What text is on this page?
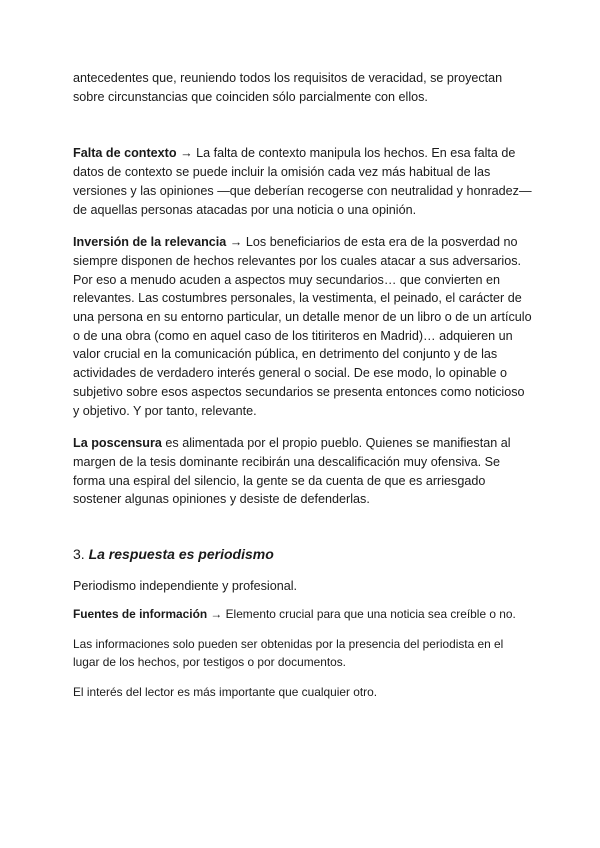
antecedentes que, reuniendo todos los requisitos de veracidad, se proyectan sobre circunstancias que coinciden sólo parcialmente con ellos.

Falta de contexto → La falta de contexto manipula los hechos. En esa falta de datos de contexto se puede incluir la omisión cada vez más habitual de las versiones y las opiniones —que deberían recogerse con neutralidad y honradez— de aquellas personas atacadas por una noticia o una opinión.

Inversión de la relevancia → Los beneficiarios de esta era de la posverdad no siempre disponen de hechos relevantes por los cuales atacar a sus adversarios. Por eso a menudo acuden a aspectos muy secundarios… que convierten en relevantes. Las costumbres personales, la vestimenta, el peinado, el carácter de una persona en su entorno particular, un detalle menor de un libro o de un artículo o de una obra (como en aquel caso de los titiriteros en Madrid)… adquieren un valor crucial en la comunicación pública, en detrimento del conjunto y de las actividades de verdadero interés general o social. De ese modo, lo opinable o subjetivo sobre esos aspectos secundarios se presenta entonces como noticioso y objetivo. Y por tanto, relevante.

La poscensura es alimentada por el propio pueblo. Quienes se manifiestan al margen de la tesis dominante recibirán una descalificación muy ofensiva. Se forma una espiral del silencio, la gente se da cuenta de que es arriesgado sostener algunas opiniones y desiste de defenderlas.

3. La respuesta es periodismo

Periodismo independiente y profesional.

Fuentes de información → Elemento crucial para que una noticia sea creíble o no.

Las informaciones solo pueden ser obtenidas por la presencia del periodista en el lugar de los hechos, por testigos o por documentos.

El interés del lector es más importante que cualquier otro.
